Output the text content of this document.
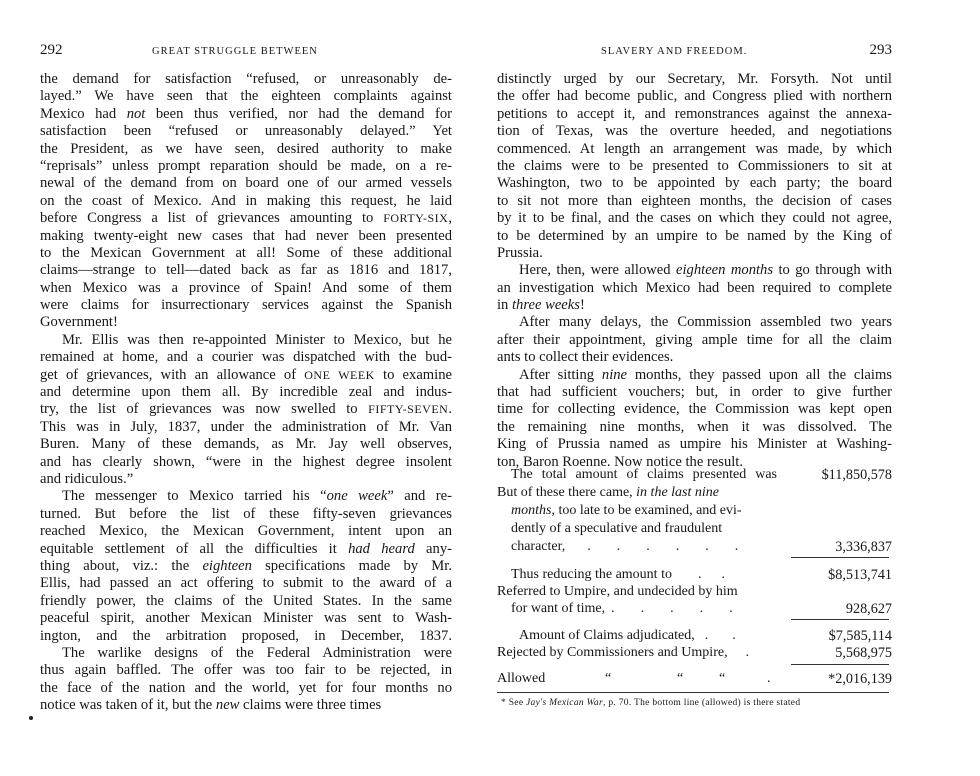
292	GREAT STRUGGLE BETWEEN
the demand for satisfaction “refused, or unreasonably de-
layed.” We have seen that the eighteen complaints against
Mexico had not been thus verified, nor had the demand for
satisfaction been “refused or unreasonably delayed.” Yet
the President, as we have seen, desired authority to make
“reprisals” unless prompt reparation should be made, on a re-
newal of the demand from on board one of our armed vessels
on the coast of Mexico. And in making this request, he laid
before Congress a list of grievances amounting to FORTY-SIX,
making twenty-eight new cases that had never been presented
to the Mexican Government at all! Some of these additional
claims—strange to tell—dated back as far as 1816 and 1817,
when Mexico was a province of Spain! And some of them
were claims for insurrectionary services against the Spanish
Government!
Mr. Ellis was then re-appointed Minister to Mexico, but he
remained at home, and a courier was dispatched with the bud-
get of grievances, with an allowance of ONE WEEK to examine
and determine upon them all. By incredible zeal and indus-
try, the list of grievances was now swelled to FIFTY-SEVEN.
This was in July, 1837, under the administration of Mr. Van
Buren. Many of these demands, as Mr. Jay well observes,
and has clearly shown, “were in the highest degree insolent
and ridiculous.”
The messenger to Mexico tarried his “one week” and re-
turned. But before the list of these fifty-seven grievances
reached Mexico, the Mexican Government, intent upon an
equitable settlement of all the difficulties it had heard any-
thing about, viz.: the eighteen specifications made by Mr.
Ellis, had passed an act offering to submit to the award of a
friendly power, the claims of the United States. In the same
peaceful spirit, another Mexican Minister was sent to Wash-
ington, and the arbitration proposed, in December, 1837.
The warlike designs of the Federal Administration were
thus again baffled. The offer was too fair to be rejected, in
the face of the nation and the world, yet for four months no
notice was taken of it, but the new claims were three times
SLAVERY AND FREEDOM.	293
distinctly urged by our Secretary, Mr. Forsyth. Not until
the offer had become public, and Congress plied with northern
petitions to accept it, and remonstrances against the annexa-
tion of Texas, was the overture heeded, and negotiations
commenced. At length an arrangement was made, by which
the claims were to be presented to Commissioners to sit at
Washington, two to be appointed by each party; the board
to sit not more than eighteen months, the decision of cases
by it to be final, and the cases on which they could not agree,
to be determined by an umpire to be named by the King of
Prussia.
Here, then, were allowed eighteen months to go through with
an investigation which Mexico had been required to complete
in three weeks!
After many delays, the Commission assembled two years
after their appointment, giving ample time for all the claim
ants to collect their evidences.
After sitting nine months, they passed upon all the claims
that had sufficient vouchers; but, in order to give further
time for collecting evidence, the Commission was kept open
the remaining nine months, when it was dissolved. The
King of Prussia named as umpire his Minister at Washing-
ton, Baron Roenne. Now notice the result.
The total amount of claims presented was	$11,850,578
But of these there came, in the last nine
months, too late to be examined, and evi-
dently of a speculative and fraudulent
character, ......	3,336,837
Thus reducing the amount to ..	$8,513,741
Referred to Umpire, and undecided by him
for want of time, .....	928,627
Amount of Claims adjudicated, ..	$7,585,114
Rejected by Commissioners and Umpire, .	5,568,975
Allowed	“	“	“	.	*2,016,139
* See Jay's Mexican War, p. 70. The bottom line (allowed) is there stated
